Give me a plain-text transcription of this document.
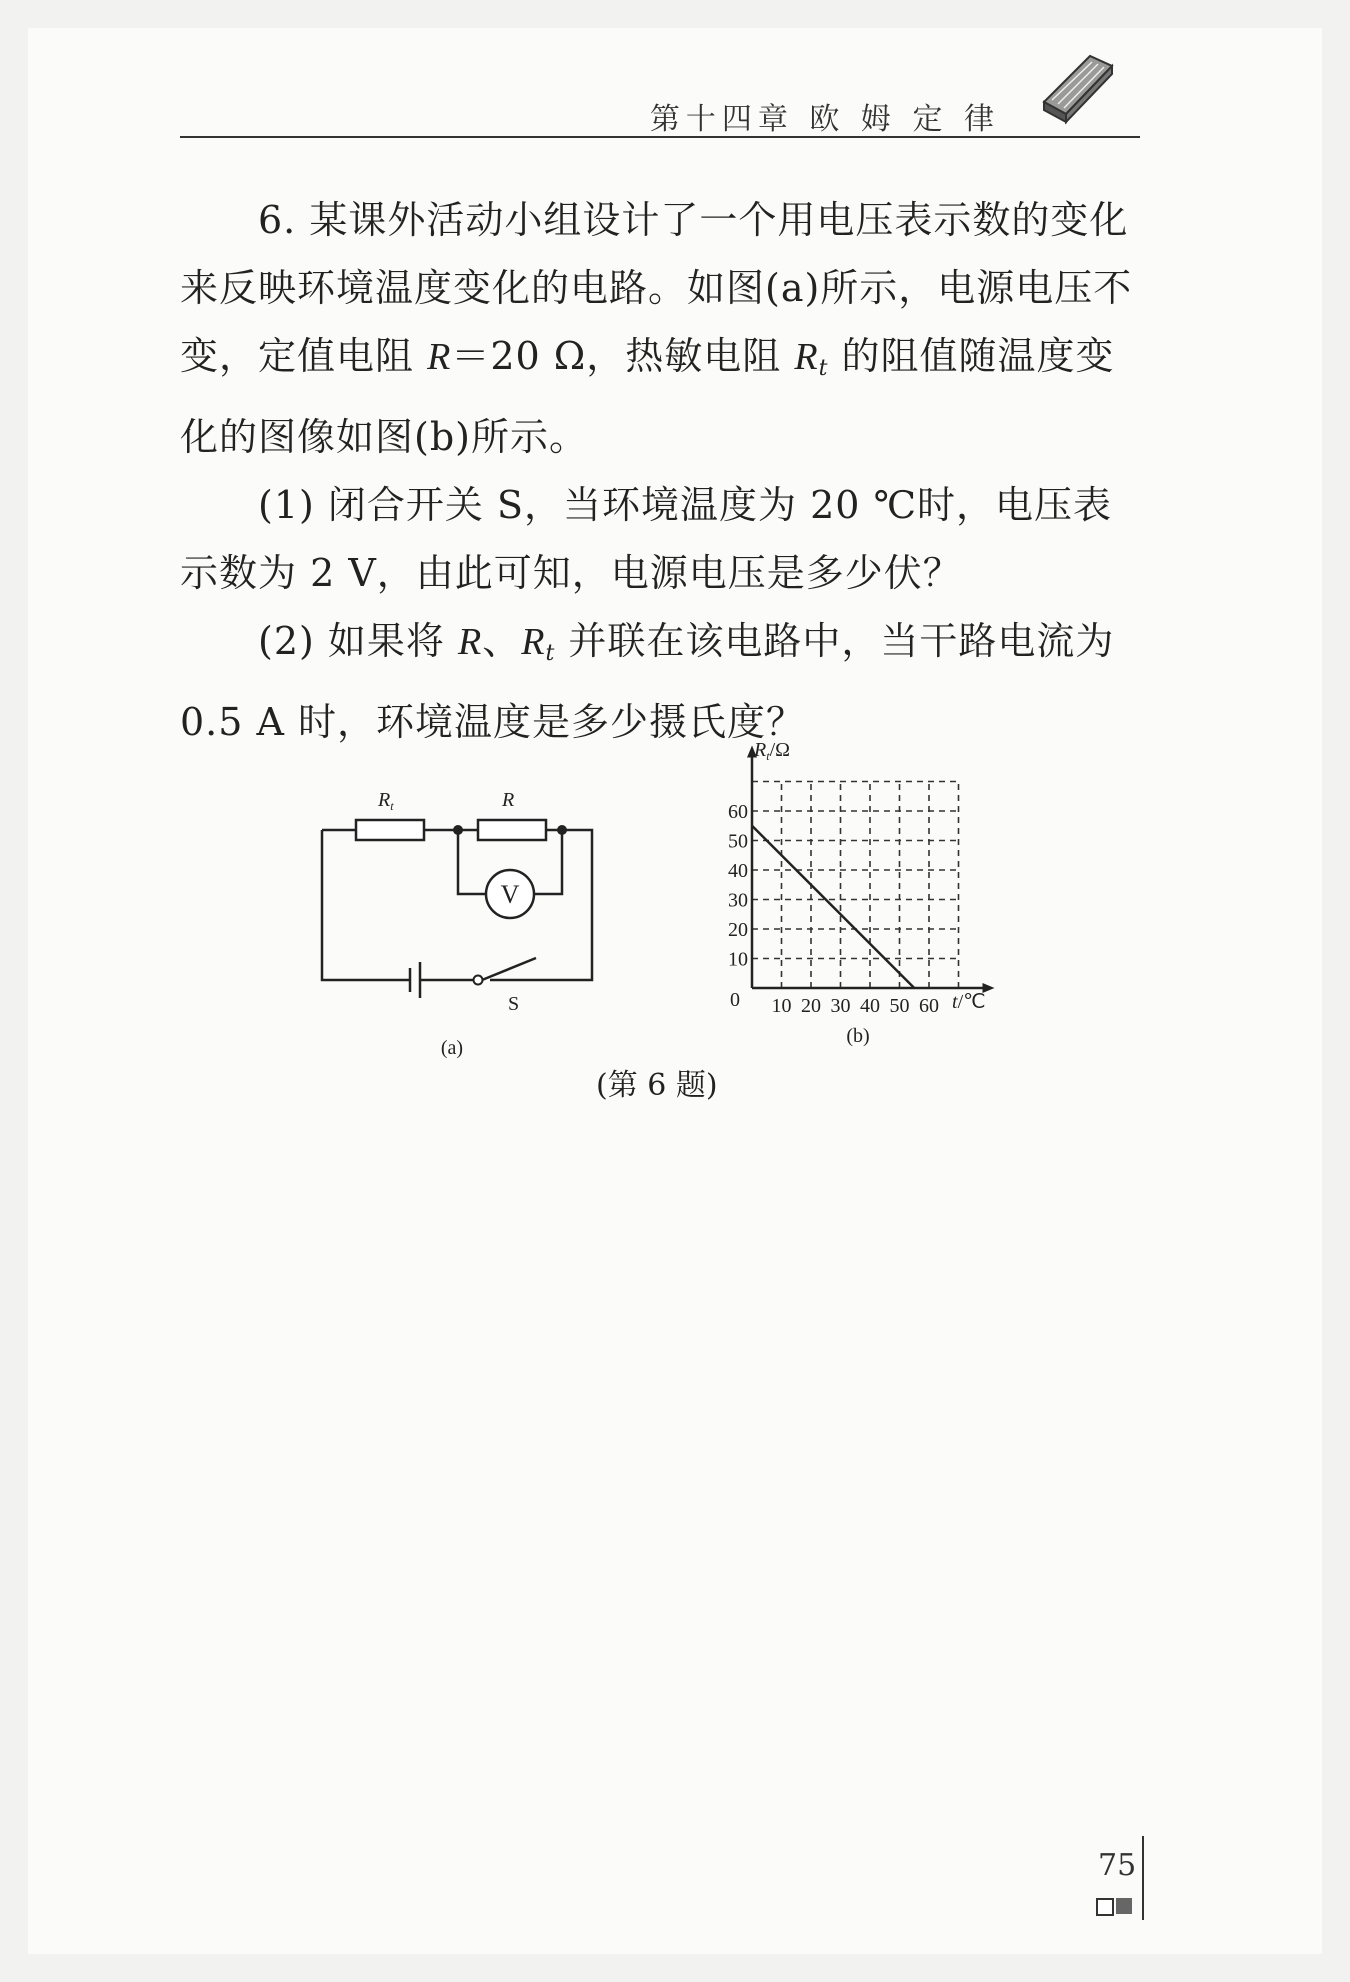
第十四章 欧 姆 定 律

6. 某课外活动小组设计了一个用电压表示数的变化来反映环境温度变化的电路。如图(a)所示，电源电压不变，定值电阻 R＝20 Ω，热敏电阻 $R_t$ 的阻值随温度变化的图像如图(b)所示。

(1) 闭合开关 S，当环境温度为 20 ℃时，电压表示数为 2 V，由此可知，电源电压是多少伏？

(2) 如果将 R、$R_t$ 并联在该电路中，当干路电流为 0.5 A 时，环境温度是多少摄氏度？

$R_t$	R
V
S
(a)
10 20 30 40 50 60
10
20
30
40
50
60
$R_t/\Omega$
t/℃
0
(b)
(第 6 题)
75
